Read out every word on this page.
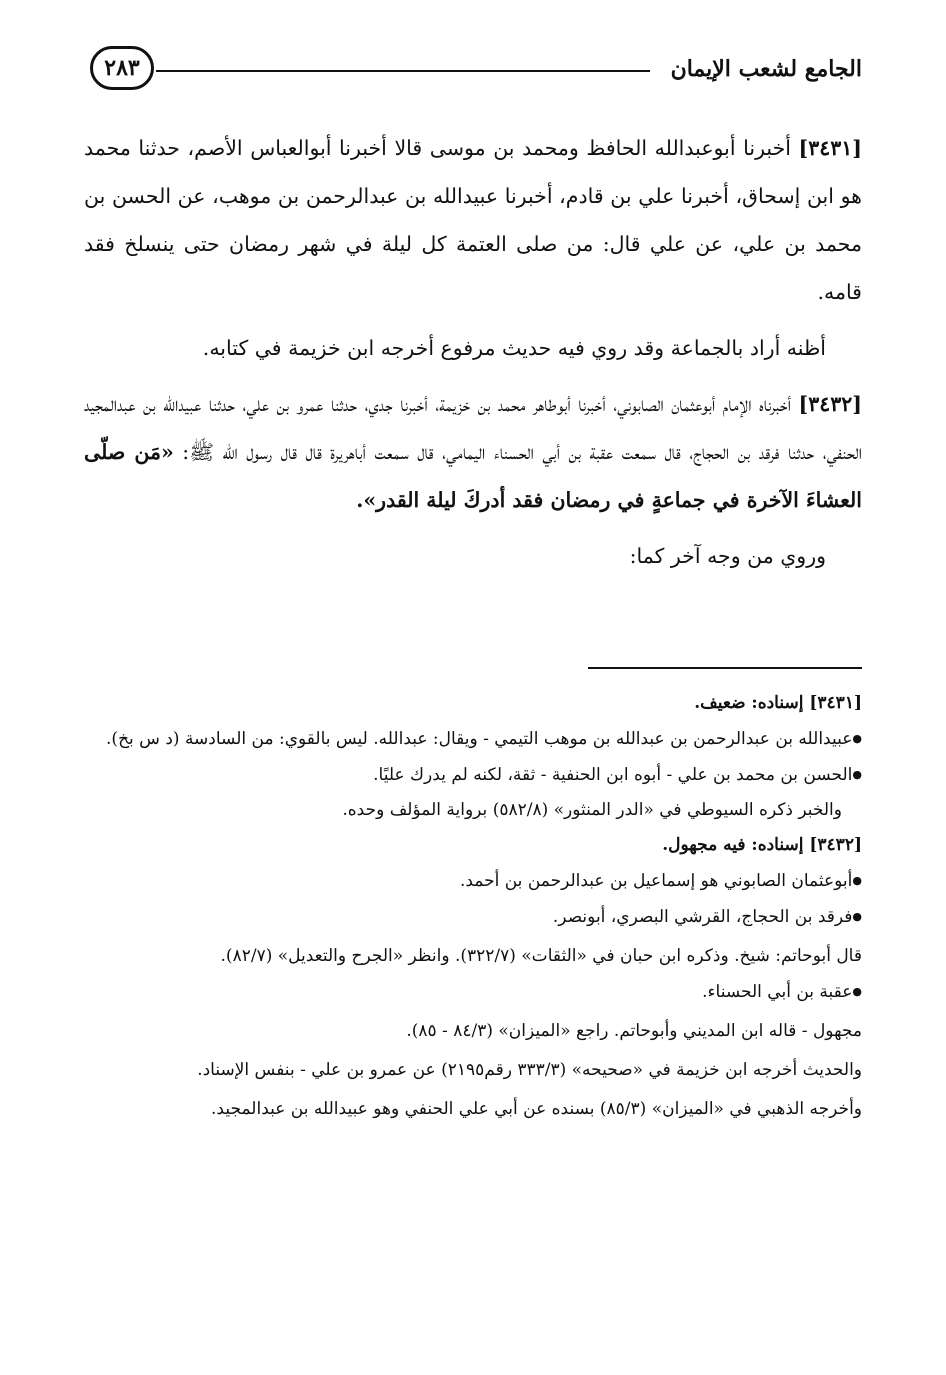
الجامع لشعب الإيمان
٢٨٣

[٣٤٣١] أخبرنا أبوعبدالله الحافظ ومحمد بن موسى قالا أخبرنا أبوالعباس الأصم، حدثنا محمد هو ابن إسحاق، أخبرنا علي بن قادم، أخبرنا عبيدالله بن عبدالرحمن بن موهب، عن الحسن بن محمد بن علي، عن علي قال: من صلى العتمة كل ليلة في شهر رمضان حتى ينسلخ فقد قامه.

أظنه أراد بالجماعة وقد روي فيه حديث مرفوع أخرجه ابن خزيمة في كتابه.

[٣٤٣٢] أخبرناه الإمام أبوعثمان الصابوني، أخبرنا أبوطاهر محمد بن خزيمة، أخبرنا جدي، حدثنا عمرو بن علي، حدثنا عبيدالله بن عبدالمجيد الحنفي، حدثنا فرقد بن الحجاج، قال سمعت عقبة بن أبي الحسناء اليمامي، قال سمعت أباهريرة قال قال رسول الله ﷺ: «مَن صلّى العشاءَ الآخرة في جماعةٍ في رمضان فقد أدركَ ليلة القدر».

وروي من وجه آخر كما:

[٣٤٣١] إسناده: ضعيف.

● عبيدالله بن عبدالرحمن بن عبدالله بن موهب التيمي - ويقال: عبدالله. ليس بالقوي: من السادسة (د س بخ).

● الحسن بن محمد بن علي - أبوه ابن الحنفية - ثقة، لكنه لم يدرك عليًا.

والخبر ذكره السيوطي في «الدر المنثور» (٥٨٢/٨) برواية المؤلف وحده.

[٣٤٣٢] إسناده: فيه مجهول.

● أبوعثمان الصابوني هو إسماعيل بن عبدالرحمن بن أحمد.

● فرقد بن الحجاج، القرشي البصري، أبونصر.

قال أبوحاتم: شيخ. وذكره ابن حبان في «الثقات» (٣٢٢/٧). وانظر «الجرح والتعديل» (٨٢/٧).

● عقبة بن أبي الحسناء.

مجهول - قاله ابن المديني وأبوحاتم. راجع «الميزان» (٨٤/٣ - ٨٥).

والحديث أخرجه ابن خزيمة في «صحيحه» (٣٣٣/٣ رقم٢١٩٥) عن عمرو بن علي - بنفس الإسناد.

وأخرجه الذهبي في «الميزان» (٨٥/٣) بسنده عن أبي علي الحنفي وهو عبيدالله بن عبدالمجيد.
